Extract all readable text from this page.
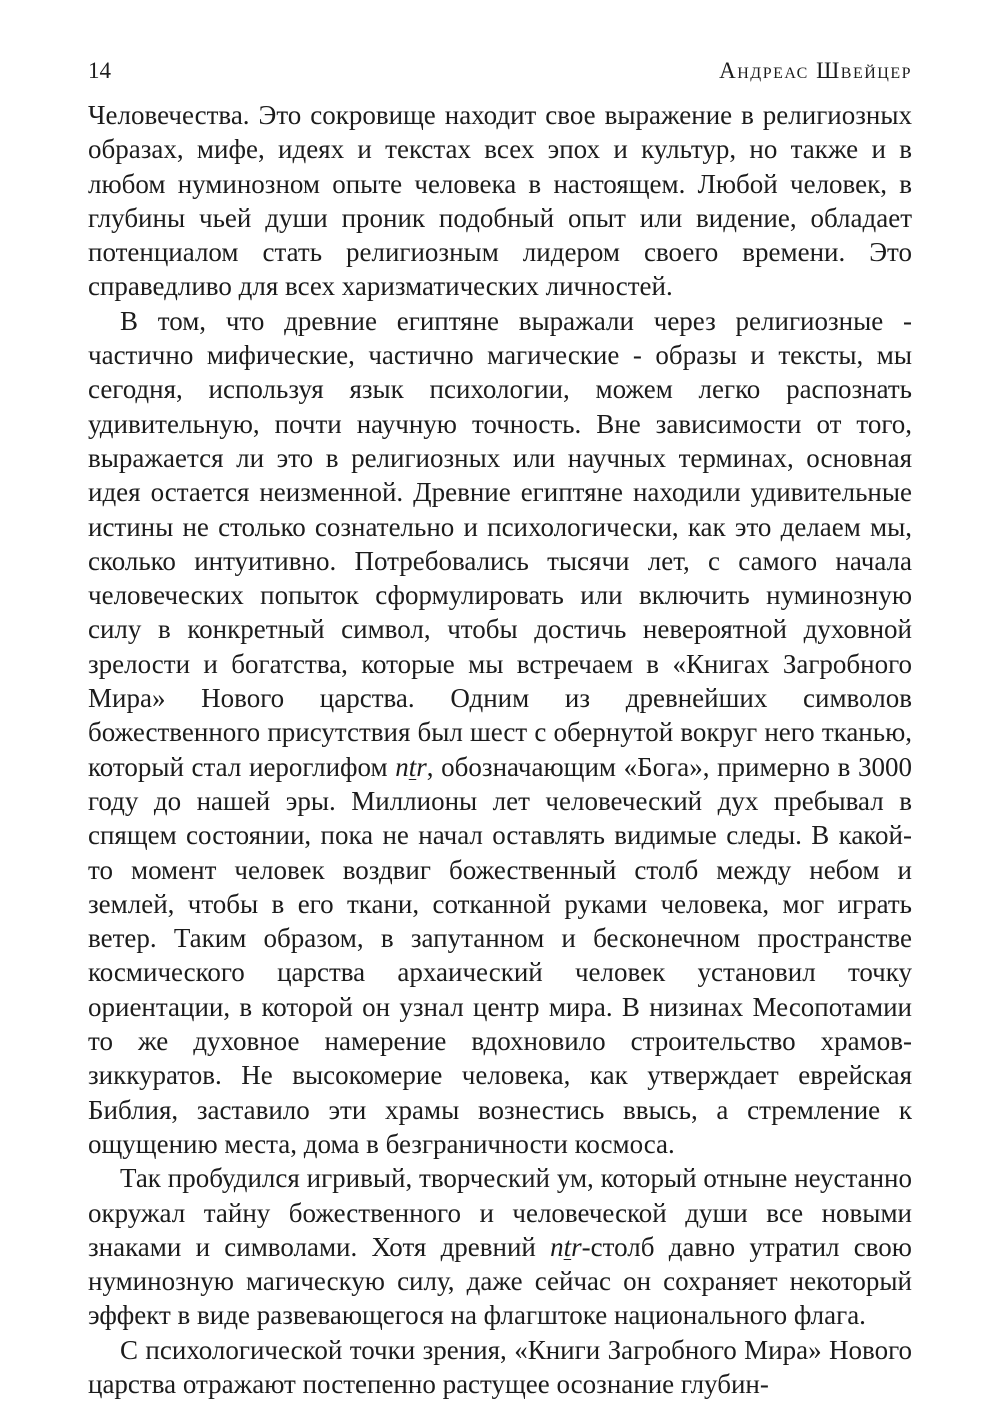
14	Андреас Швейцер

Человечества. Это сокровище находит свое выражение в религиозных образах, мифе, идеях и текстах всех эпох и культур, но также и в любом нуминозном опыте человека в настоящем. Любой человек, в глубины чьей души проник подобный опыт или видение, обладает потенциалом стать религиозным лидером своего времени. Это справедливо для всех харизматических личностей.

В том, что древние египтяне выражали через религиозные - частично мифические, частично магические - образы и тексты, мы сегодня, используя язык психологии, можем легко распознать удивительную, почти научную точность. Вне зависимости от того, выражается ли это в религиозных или научных терминах, основная идея остается неизменной. Древние египтяне находили удивительные истины не столько сознательно и психологически, как это делаем мы, сколько интуитивно. Потребовались тысячи лет, с самого начала человеческих попыток сформулировать или включить нуминозную силу в конкретный символ, чтобы достичь невероятной духовной зрелости и богатства, которые мы встречаем в «Книгах Загробного Мира» Нового царства. Одним из древнейших символов божественного присутствия был шест с обернутой вокруг него тканью, который стал иероглифом ntr, обозначающим «Бога», примерно в 3000 году до нашей эры. Миллионы лет человеческий дух пребывал в спящем состоянии, пока не начал оставлять видимые следы. В какой-то момент человек воздвиг божественный столб между небом и землей, чтобы в его ткани, сотканной руками человека, мог играть ветер. Таким образом, в запутанном и бесконечном пространстве космического царства архаический человек установил точку ориентации, в которой он узнал центр мира. В низинах Месопотамии то же духовное намерение вдохновило строительство храмов-зиккуратов. Не высокомерие человека, как утверждает еврейская Библия, заставило эти храмы вознестись ввысь, а стремление к ощущению места, дома в безграничности космоса.

Так пробудился игривый, творческий ум, который отныне неустанно окружал тайну божественного и человеческой души все новыми знаками и символами. Хотя древний ntr-столб давно утратил свою нуминозную магическую силу, даже сейчас он сохраняет некоторый эффект в виде развевающегося на флагштоке национального флага.

С психологической точки зрения, «Книги Загробного Мира» Нового царства отражают постепенно растущее осознание глубин-
